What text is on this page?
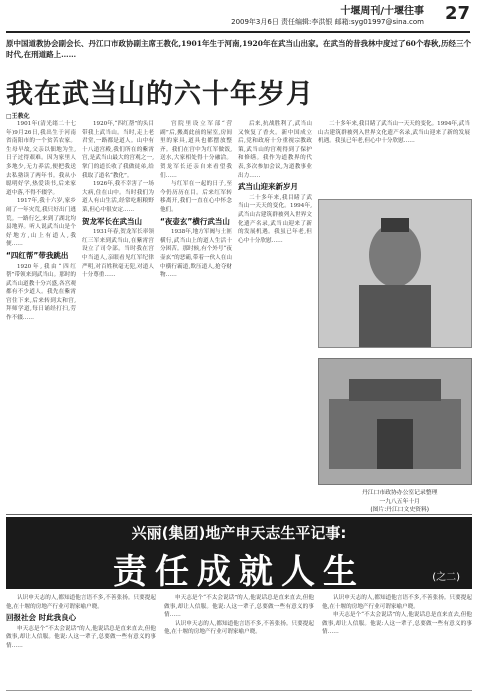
十堰周刊/十堰往事
2009年3月6日 责任编辑:李洪银 邮箱:syg01997@sina.com 27
原中国道教协会副会长、丹江口市政协副主席王教化,1901年生于河南,1920年在武当山出家。在武当的昔我林中度过了60个春秋,历经三个时代,在刑道路上……
我在武当山的六十年岁月
□王教化

1901年(清光绪二十七年)9月26日,我出生于河南省南阳市的一个贫苦农家。生母早故,父亲以佃地为生,日子过得艰难。因为家里人多地少,无力养活,便把我送去私塾读了两年书。我从小聪明好学,热爱读书,后来家道中落,不得不辍学。

1917年,我十六岁,家乡闹了一年灾荒,我只好出门逃荒。一路行乞,来到了湖北均县地界。听人说武当山是个好地方,山上有道人,我便……

“四红帮”带我跳出

1920年,我由“四红帮”带领来到武当山。那时的武当山道教十分兴盛,各宫观都有不少道人。我先在紫霄宫住下来,后来转到太和宫,拜师学道,每日诵经打扫,劳作不辍……

1920年,“四红帮”的头目带我上武当山。当时,走上老君堂,一路都是道人。山中有十八道宫殿,我们所在的紫霄宫,是武当山最大的宫观之一,掌门的道长收了我做徒弟,给我取了道名“教化”。

1926年,我不幸害了一场大病,住在山中。当时我们为道人有山生活,经常吃粗粮野菜,但心中很安定……

贺龙军长在武当山

1931年春,贺龙军长率领红三军来到武当山,在紫霄宫设立了司令部。当时我在宫中当道人,亲眼看见红军纪律严明,对百姓秋毫无犯,对道人十分尊重……

宫院里设立军部“营副”后,搬离此前的屋室,房间里的家具,道具也都摆放整齐。我们在宫中为红军做饭,送水,大家相处得十分融洽。贺龙军长还亲自来看望我们……

与红军在一起的日子,至今仍历历在目。后来红军转移离开,我们一直在心中怀念他们。

“夜壶玄”横行武当山

1938年,地方军阀与土匪横行,武当山上的道人生活十分困苦。那时候,有个外号“夜壶玄”的恶霸,带着一伙人在山中横行霸道,欺压道人,抢夺财物……

后来,抗战胜利了,武当山又恢复了香火。新中国成立后,党和政府十分重视宗教政策,武当山的宫观得到了保护和修缮。我作为道教界的代表,多次参加会议,为道教事业出力……

武当山迎来新岁月

二十多年来,我目睹了武当山一天天的变化。1994年,武当山古建筑群被列入世界文化遗产名录,武当山迎来了新的发展机遇。我虽已年老,但心中十分欣慰……

二十多年来,我目睹了武当山一天天的变化。1994年,武当山古建筑群被列入世界文化遗产名录,武当山迎来了新的发展机遇。我虽已年老,但心中十分欣慰……

丹江口市政协办公室记录整理
一九八五年十月
(图片:丹江口文史资料)
兴丽(集团)地产申天志生平记事:
责任成就人生	(之二)

认识申天志的人,都知道他言语不多,不善张扬。只要提起他,在十堰的房地产行业可谓家喻户晓。

回报社会 时此我良心

申天志是个“不太会说话”的人,他说话总是直来直去,但他做事,却让人信服。他说:人这一辈子,总要做一些有意义的事情……

申天志是个“不太会说话”的人,他说话总是直来直去,但他做事,却让人信服。他说:人这一辈子,总要做一些有意义的事情……

认识申天志的人,都知道他言语不多,不善张扬。只要提起他,在十堰的房地产行业可谓家喻户晓。

认识申天志的人,都知道他言语不多,不善张扬。只要提起他,在十堰的房地产行业可谓家喻户晓。

申天志是个“不太会说话”的人,他说话总是直来直去,但他做事,却让人信服。他说:人这一辈子,总要做一些有意义的事情……
